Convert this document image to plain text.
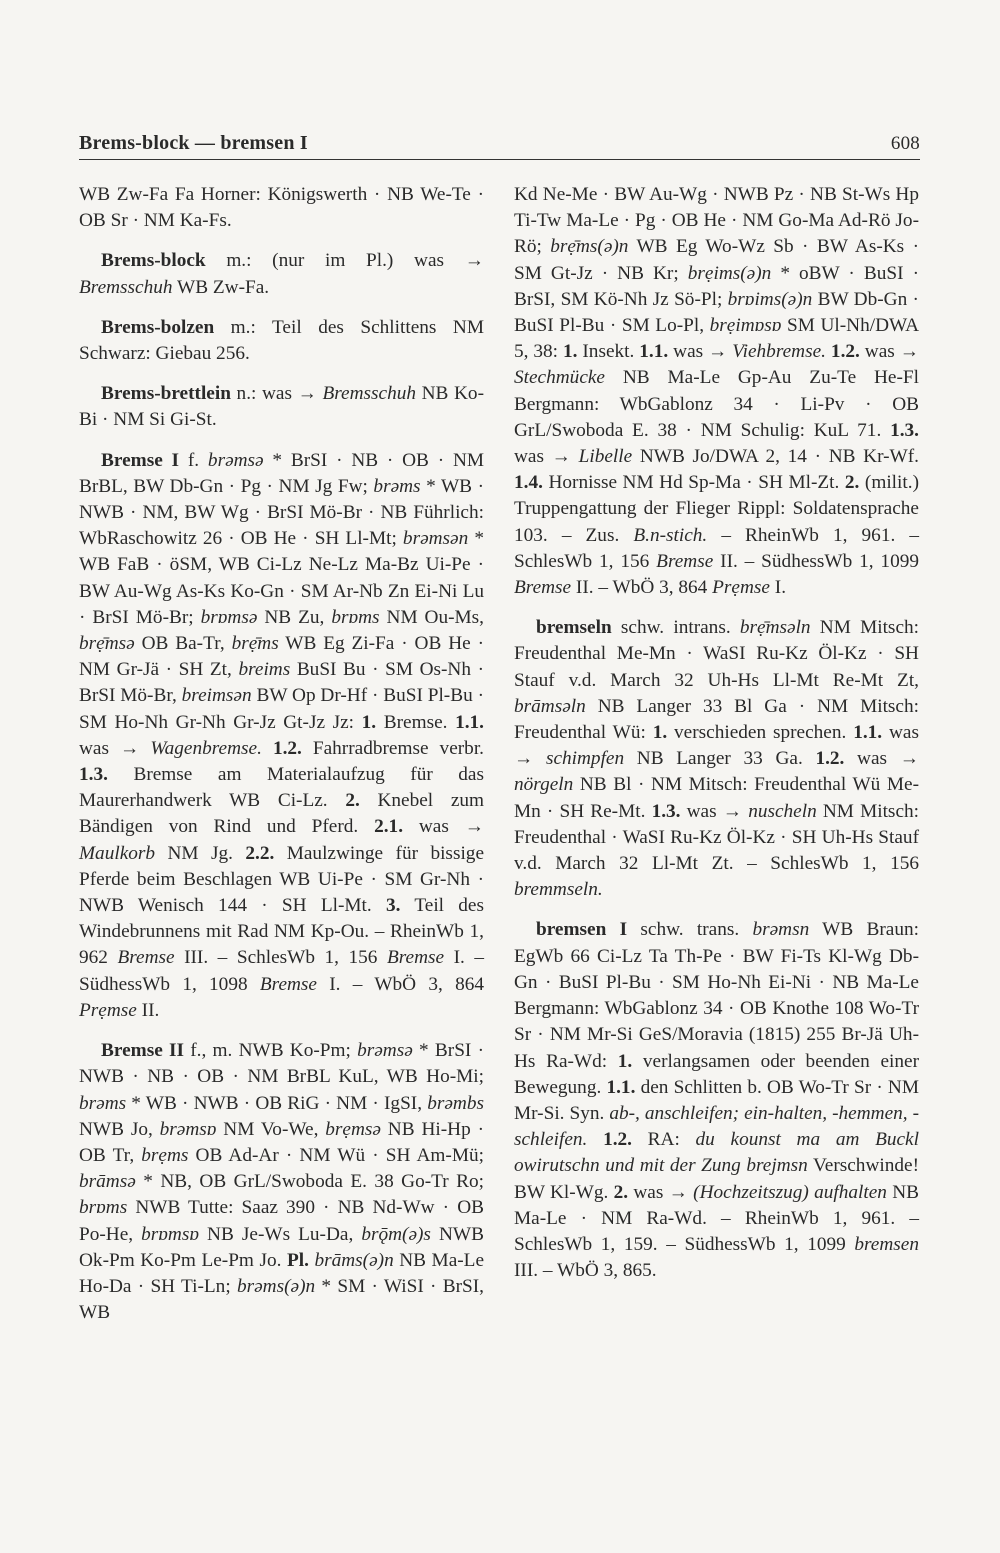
Brems-block — bremsen I	608

WB Zw-Fa Fa Horner: Königswerth · NB We-Te · OB Sr · NM Ka-Fs.

Brems-block m.: (nur im Pl.) was → Bremsschuh WB Zw-Fa.

Brems-bolzen m.: Teil des Schlittens NM Schwarz: Giebau 256.

Brems-brettlein n.: was → Bremsschuh NB Ko-Bi · NM Si Gi-St.

Bremse I f. brəmsə * BrSI · NB · OB · NM BrBL, BW Db-Gn · Pg · NM Jg Fw; brəms * WB · NWB · NM, BW Wg · BrSI Mö-Br · NB Führlich: WbRaschowitz 26 · OB He · SH Ll-Mt; brəmsən * WB FaB · öSM, WB Ci-Lz Ne-Lz Ma-Bz Ui-Pe · BW Au-Wg As-Ks Ko-Gn · SM Ar-Nb Zn Ei-Ni Lu · BrSI Mö-Br; brɒmsə NB Zu, brɒms NM Ou-Ms, brẹ̄msə OB Ba-Tr, brẹ̄ms WB Eg Zi-Fa · OB He · NM Gr-Jä · SH Zt, breims BuSI Bu · SM Os-Nh · BrSI Mö-Br, breimsən BW Op Dr-Hf · BuSI Pl-Bu · SM Ho-Nh Gr-Nh Gr-Jz Gt-Jz Jz: 1. Bremse. 1.1. was → Wagenbremse. 1.2. Fahrradbremse verbr. 1.3. Bremse am Materialaufzug für das Maurerhandwerk WB Ci-Lz. 2. Knebel zum Bändigen von Rind und Pferd. 2.1. was → Maulkorb NM Jg. 2.2. Maulzwinge für bissige Pferde beim Beschlagen WB Ui-Pe · SM Gr-Nh · NWB Wenisch 144 · SH Ll-Mt. 3. Teil des Windebrunnens mit Rad NM Kp-Ou. – RheinWb 1, 962 Bremse III. – SchlesWb 1, 156 Bremse I. – SüdhessWb 1, 1098 Bremse I. – WbÖ 3, 864 Prẹmse II.

Bremse II f., m. NWB Ko-Pm; brəmsə * BrSI · NWB · NB · OB · NM BrBL KuL, WB Ho-Mi; brəms * WB · NWB · OB RiG · NM · IgSI, brəmbs NWB Jo, brəmsɒ NM Vo-We, brẹmsə NB Hi-Hp · OB Tr, brẹms OB Ad-Ar · NM Wü · SH Am-Mü; brāmsə * NB, OB GrL/Swoboda E. 38 Go-Tr Ro; brɒms NWB Tutte: Saaz 390 · NB Nd-Ww · OB Po-He, brɒmsɒ NB Je-Ws Lu-Da, brǭm(ə)s NWB Ok-Pm Ko-Pm Le-Pm Jo. Pl. brāms(ə)n NB Ma-Le Ho-Da · SH Ti-Ln; brəms(ə)n * SM · WiSI · BrSI, WB

Kd Ne-Me · BW Au-Wg · NWB Pz · NB St-Ws Hp Ti-Tw Ma-Le · Pg · OB He · NM Go-Ma Ad-Rö Jo-Rö; brẹ̄ms(ə)n WB Eg Wo-Wz Sb · BW As-Ks · SM Gt-Jz · NB Kr; brẹims(ə)n * oBW · BuSI · BrSI, SM Kö-Nh Jz Sö-Pl; brɒims(ə)n BW Db-Gn · BuSI Pl-Bu · SM Lo-Pl, brẹimɒsɒ SM Ul-Nh/DWA 5, 38: 1. Insekt. 1.1. was → Viehbremse. 1.2. was → Stechmücke NB Ma-Le Gp-Au Zu-Te He-Fl Bergmann: WbGablonz 34 · Li-Pv · OB GrL/Swoboda E. 38 · NM Schulig: KuL 71. 1.3. was → Libelle NWB Jo/DWA 2, 14 · NB Kr-Wf. 1.4. Hornisse NM Hd Sp-Ma · SH Ml-Zt. 2. (milit.) Truppengattung der Flieger Rippl: Soldatensprache 103. – Zus. B.n-stich. – RheinWb 1, 961. – SchlesWb 1, 156 Bremse II. – SüdhessWb 1, 1099 Bremse II. – WbÖ 3, 864 Prẹmse I.

bremseln schw. intrans. brẹ̄msəln NM Mitsch: Freudenthal Me-Mn · WaSI Ru-Kz Öl-Kz · SH Stauf v.d. March 32 Uh-Hs Ll-Mt Re-Mt Zt, brāmsəln NB Langer 33 Bl Ga · NM Mitsch: Freudenthal Wü: 1. verschieden sprechen. 1.1. was → schimpfen NB Langer 33 Ga. 1.2. was → nörgeln NB Bl · NM Mitsch: Freudenthal Wü Me-Mn · SH Re-Mt. 1.3. was → nuscheln NM Mitsch: Freudenthal · WaSI Ru-Kz Öl-Kz · SH Uh-Hs Stauf v.d. March 32 Ll-Mt Zt. – SchlesWb 1, 156 bremmseln.

bremsen I schw. trans. brəmsn WB Braun: EgWb 66 Ci-Lz Ta Th-Pe · BW Fi-Ts Kl-Wg Db-Gn · BuSI Pl-Bu · SM Ho-Nh Ei-Ni · NB Ma-Le Bergmann: WbGablonz 34 · OB Knothe 108 Wo-Tr Sr · NM Mr-Si GeS/Moravia (1815) 255 Br-Jä Uh-Hs Ra-Wd: 1. verlangsamen oder beenden einer Bewegung. 1.1. den Schlitten b. OB Wo-Tr Sr · NM Mr-Si. Syn. ab-, anschleifen; ein-halten, -hemmen, -schleifen. 1.2. RA: du kounst ma am Buckl owirutschn und mit der Zung brejmsn Verschwinde! BW Kl-Wg. 2. was → (Hochzeitszug) aufhalten NB Ma-Le · NM Ra-Wd. – RheinWb 1, 961. – SchlesWb 1, 159. – SüdhessWb 1, 1099 bremsen III. – WbÖ 3, 865.
